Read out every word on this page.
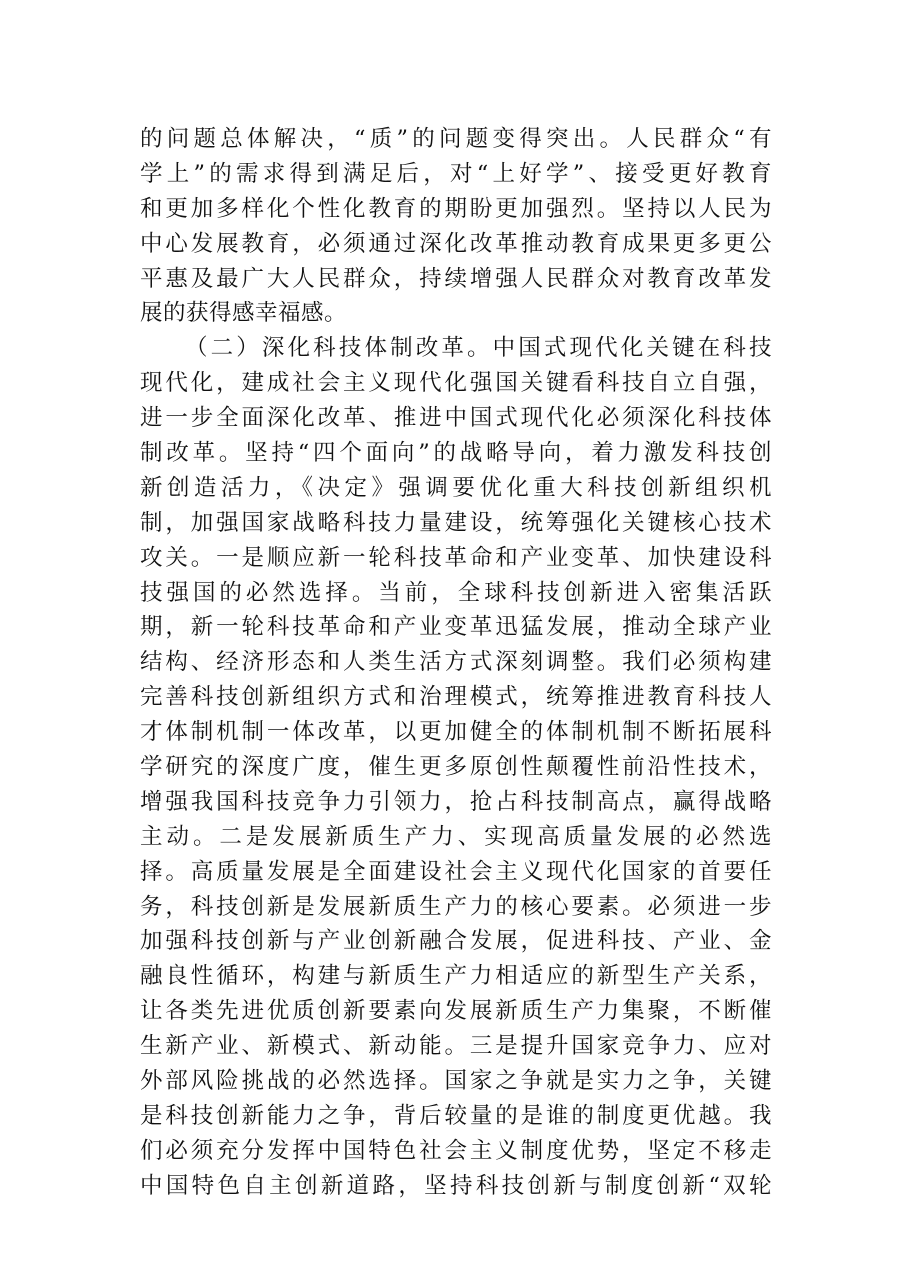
的问题总体解决，“质”的问题变得突出。人民群众“有
学上”的需求得到满足后，对“上好学”、接受更好教育
和更加多样化个性化教育的期盼更加强烈。坚持以人民为
中心发展教育，必须通过深化改革推动教育成果更多更公
平惠及最广大人民群众，持续增强人民群众对教育改革发
展的获得感幸福感。
（二）深化科技体制改革。中国式现代化关键在科技
现代化，建成社会主义现代化强国关键看科技自立自强，
进一步全面深化改革、推进中国式现代化必须深化科技体
制改革。坚持“四个面向”的战略导向，着力激发科技创
新创造活力，《决定》强调要优化重大科技创新组织机
制，加强国家战略科技力量建设，统筹强化关键核心技术
攻关。一是顺应新一轮科技革命和产业变革、加快建设科
技强国的必然选择。当前，全球科技创新进入密集活跃
期，新一轮科技革命和产业变革迅猛发展，推动全球产业
结构、经济形态和人类生活方式深刻调整。我们必须构建
完善科技创新组织方式和治理模式，统筹推进教育科技人
才体制机制一体改革，以更加健全的体制机制不断拓展科
学研究的深度广度，催生更多原创性颠覆性前沿性技术，
增强我国科技竞争力引领力，抢占科技制高点，赢得战略
主动。二是发展新质生产力、实现高质量发展的必然选
择。高质量发展是全面建设社会主义现代化国家的首要任
务，科技创新是发展新质生产力的核心要素。必须进一步
加强科技创新与产业创新融合发展，促进科技、产业、金
融良性循环，构建与新质生产力相适应的新型生产关系，
让各类先进优质创新要素向发展新质生产力集聚，不断催
生新产业、新模式、新动能。三是提升国家竞争力、应对
外部风险挑战的必然选择。国家之争就是实力之争，关键
是科技创新能力之争，背后较量的是谁的制度更优越。我
们必须充分发挥中国特色社会主义制度优势，坚定不移走
中国特色自主创新道路，坚持科技创新与制度创新“双轮
